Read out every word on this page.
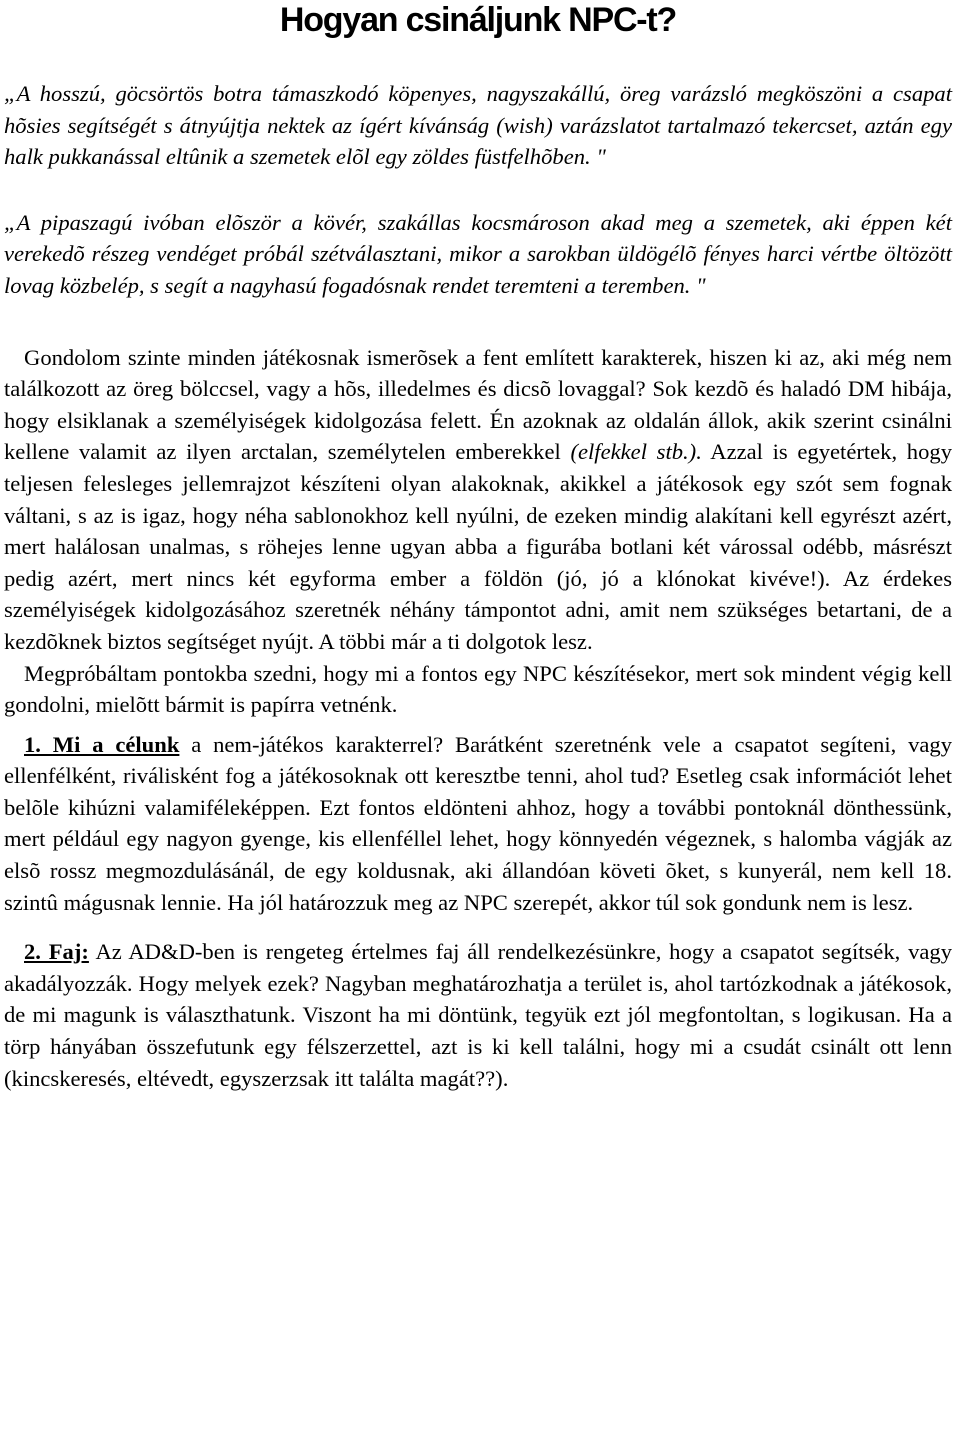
Hogyan csináljunk NPC-t?

„A hosszú, göcsörtös botra támaszkodó köpenyes, nagyszakállú, öreg varázsló megköszöni a csapat hõsies segítségét s átnyújtja nektek az ígért kívánság (wish) varázslatot tartalmazó tekercset, aztán egy halk pukkanással eltûnik a szemetek elõl egy zöldes füstfelhõben. "

„A pipaszagú ivóban elõször a kövér, szakállas kocsmároson akad meg a szemetek, aki éppen két verekedõ részeg vendéget próbál szétválasztani, mikor a sarokban üldögélõ fényes harci vértbe öltözött lovag közbelép, s segít a nagyhasú fogadósnak rendet teremteni a teremben. "

Gondolom szinte minden játékosnak ismerõsek a fent említett karakterek, hiszen ki az, aki még nem találkozott az öreg bölccsel, vagy a hõs, illedelmes és dicsõ lovaggal? Sok kezdõ és haladó DM hibája, hogy elsiklanak a személyiségek kidolgozása felett. Én azoknak az oldalán állok, akik szerint csinálni kellene valamit az ilyen arctalan, személytelen emberekkel (elfekkel stb.). Azzal is egyetértek, hogy teljesen felesleges jellemrajzot készíteni olyan alakoknak, akikkel a játékosok egy szót sem fognak váltani, s az is igaz, hogy néha sablonokhoz kell nyúlni, de ezeken mindig alakítani kell egyrészt azért, mert halálosan unalmas, s röhejes lenne ugyan abba a figurába botlani két várossal odébb, másrészt pedig azért, mert nincs két egyforma ember a földön (jó, jó a klónokat kivéve!). Az érdekes személyiségek kidolgozásához szeretnék néhány támpontot adni, amit nem szükséges betartani, de a kezdõknek biztos segítséget nyújt. A többi már a ti dolgotok lesz.

Megpróbáltam pontokba szedni, hogy mi a fontos egy NPC készítésekor, mert sok mindent végig kell gondolni, mielõtt bármit is papírra vetnénk.

1. Mi a célunk a nem-játékos karakterrel? Barátként szeretnénk vele a csapatot segíteni, vagy ellenfélként, riválisként fog a játékosoknak ott keresztbe tenni, ahol tud? Esetleg csak információt lehet belõle kihúzni valamiféleképpen. Ezt fontos eldönteni ahhoz, hogy a további pontoknál dönthessünk, mert például egy nagyon gyenge, kis ellenféllel lehet, hogy könnyedén végeznek, s halomba vágják az elsõ rossz megmozdulásánál, de egy koldusnak, aki állandóan követi õket, s kunyerál, nem kell 18. szintû mágusnak lennie. Ha jól határozzuk meg az NPC szerepét, akkor túl sok gondunk nem is lesz.

2. Faj: Az AD&D-ben is rengeteg értelmes faj áll rendelkezésünkre, hogy a csapatot segítsék, vagy akadályozzák. Hogy melyek ezek? Nagyban meghatározhatja a terület is, ahol tartózkodnak a játékosok, de mi magunk is választhatunk. Viszont ha mi döntünk, tegyük ezt jól megfontoltan, s logikusan. Ha a törp hányában összefutunk egy félszerzettel, azt is ki kell találni, hogy mi a csudát csinált ott lenn (kincskeresés, eltévedt, egyszerzsak itt találta magát??).
